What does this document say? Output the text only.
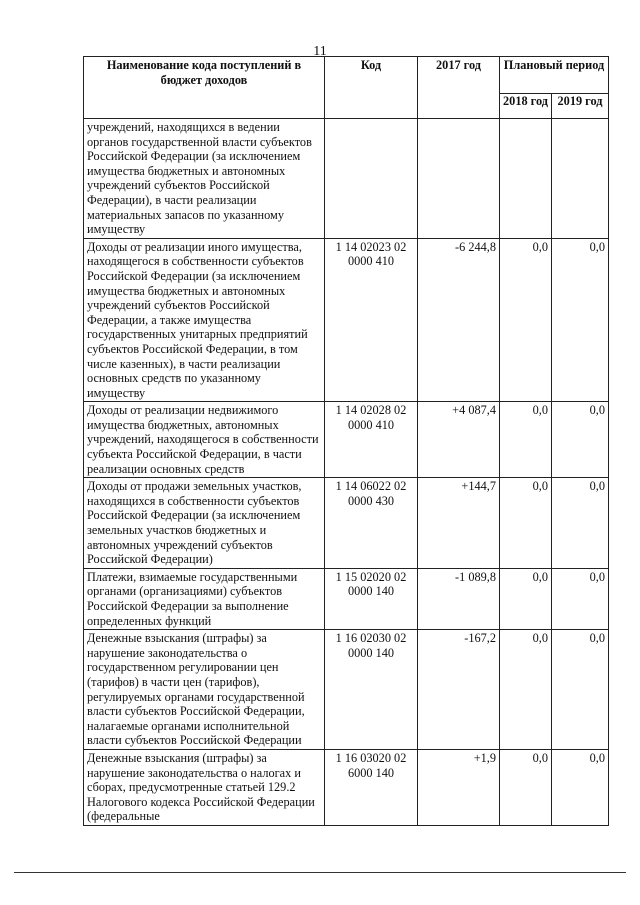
11
Наименование кода поступлений в бюджет доходов	Код	2017 год	Плановый период	
			2018 год	2019 год
учреждений, находящихся в ведении органов государственной власти субъектов Российской Федерации (за исключением имущества бюджетных и автономных учреждений субъектов Российской Федерации), в части реализации материальных запасов по указанному имуществу				
Доходы от реализации иного имущества, находящегося в собственности субъектов Российской Федерации (за исключением имущества бюджетных и автономных учреждений субъектов Российской Федерации, а также имущества государственных унитарных предприятий субъектов Российской Федерации, в том числе казенных), в части реализации основных средств по указанному имуществу	1 14 02023 02 0000 410	-6 244,8	0,0	0,0
Доходы от реализации недвижимого имущества бюджетных, автономных учреждений, находящегося в собственности субъекта Российской Федерации, в части реализации основных средств	1 14 02028 02 0000 410	+4 087,4	0,0	0,0
Доходы от продажи земельных участков, находящихся в собственности субъектов Российской Федерации (за исключением земельных участков бюджетных и автономных учреждений субъектов Российской Федерации)	1 14 06022 02 0000 430	+144,7	0,0	0,0
Платежи, взимаемые государственными органами (организациями) субъектов Российской Федерации за выполнение определенных функций	1 15 02020 02 0000 140	-1 089,8	0,0	0,0
Денежные взыскания (штрафы) за нарушение законодательства о государственном регулировании цен (тарифов) в части цен (тарифов), регулируемых органами государственной власти субъектов Российской Федерации, налагаемые органами исполнительной власти субъектов Российской Федерации	1 16 02030 02 0000 140	-167,2	0,0	0,0
Денежные взыскания (штрафы) за нарушение законодательства о налогах и сборах, предусмотренные статьей 129.2 Налогового кодекса Российской Федерации (федеральные	1 16 03020 02 6000 140	+1,9	0,0	0,0
